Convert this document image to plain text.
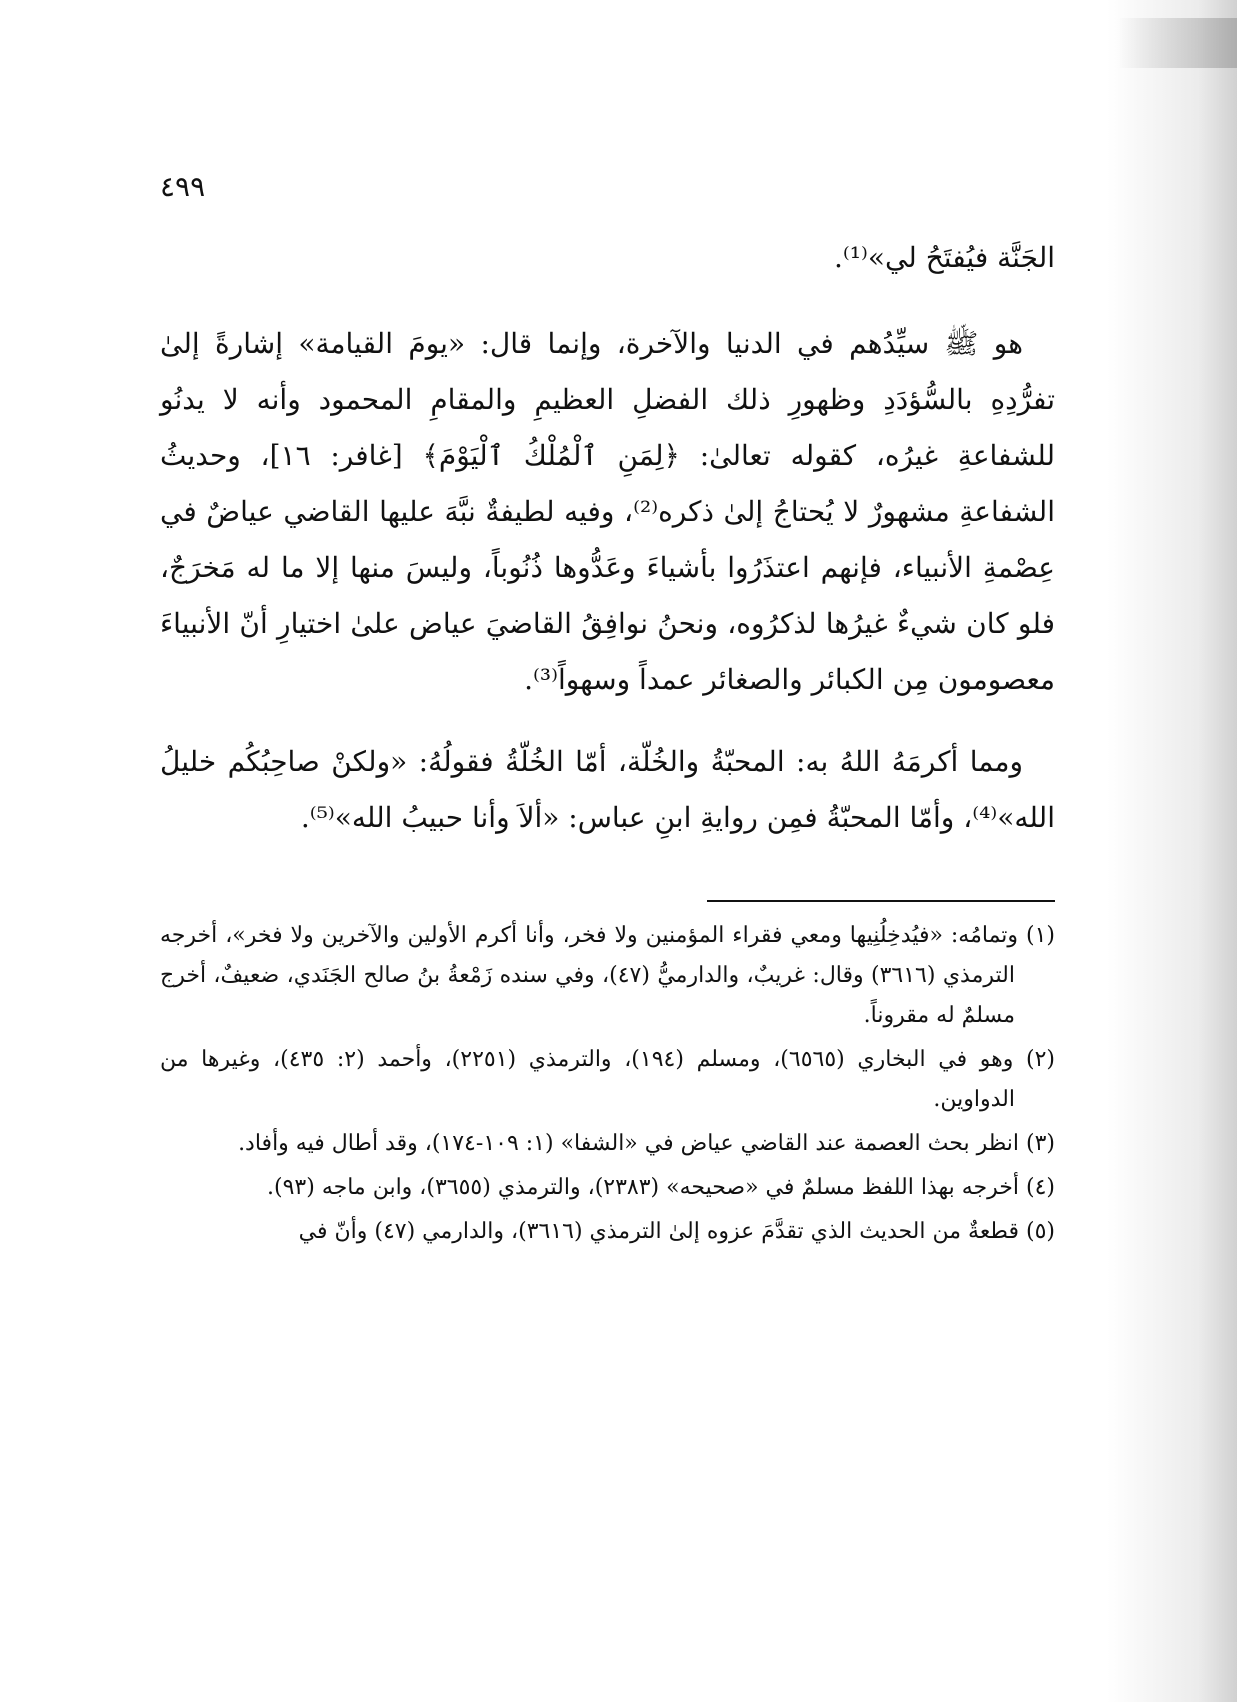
٤٩٩

الجَنَّة فيُفتَحُ لي»⁽¹⁾.

هو ﷺ سيِّدُهم في الدنيا والآخرة، وإنما قال: «يومَ القيامة» إشارةً إلىٰ تفرُّدِهِ بالسُّؤدَدِ وظهورِ ذلك الفضلِ العظيمِ والمقامِ المحمود وأنه لا يدنُو للشفاعةِ غيرُه، كقوله تعالىٰ: ﴿لِمَنِ ٱلْمُلْكُ ٱلْيَوْمَ﴾ [غافر: ١٦]، وحديثُ الشفاعةِ مشهورٌ لا يُحتاجُ إلىٰ ذكره⁽²⁾، وفيه لطيفةٌ نبَّهَ عليها القاضي عياضٌ في عِصْمةِ الأنبياء، فإنهم اعتذَرُوا بأشياءَ وعَدُّوها ذُنُوباً، وليسَ منها إلا ما له مَخرَجٌ، فلو كان شيءٌ غيرُها لذكرُوه، ونحنُ نوافِقُ القاضيَ عياض علىٰ اختيارِ أنّ الأنبياءَ معصومون مِن الكبائر والصغائر عمداً وسهواً⁽³⁾.

ومما أكرمَهُ اللهُ به: المحبّةُ والخُلّة، أمّا الخُلّةُ فقولُهُ: «ولكنْ صاحِبُكُم خليلُ الله»⁽⁴⁾، وأمّا المحبّةُ فمِن روايةِ ابنِ عباس: «ألاَ وأنا حبيبُ الله»⁽⁵⁾.

(١) وتمامُه: «فيُدخِلُنِيها ومعي فقراء المؤمنين ولا فخر، وأنا أكرم الأولين والآخرين ولا فخر»، أخرجه الترمذي (٣٦١٦) وقال: غريبٌ، والدارميُّ (٤٧)، وفي سنده زَمْعةُ بنُ صالح الجَنَدي، ضعيفٌ، أخرج مسلمٌ له مقروناً.

(٢) وهو في البخاري (٦٥٦٥)، ومسلم (١٩٤)، والترمذي (٢٢٥١)، وأحمد (٢: ٤٣٥)، وغيرها من الدواوين.

(٣) انظر بحث العصمة عند القاضي عياض في «الشفا» (١: ١٠٩-١٧٤)، وقد أطال فيه وأفاد.

(٤) أخرجه بهذا اللفظ مسلمٌ في «صحيحه» (٢٣٨٣)، والترمذي (٣٦٥٥)، وابن ماجه (٩٣).

(٥) قطعةٌ من الحديث الذي تقدَّمَ عزوه إلىٰ الترمذي (٣٦١٦)، والدارمي (٤٧) وأنّ في
